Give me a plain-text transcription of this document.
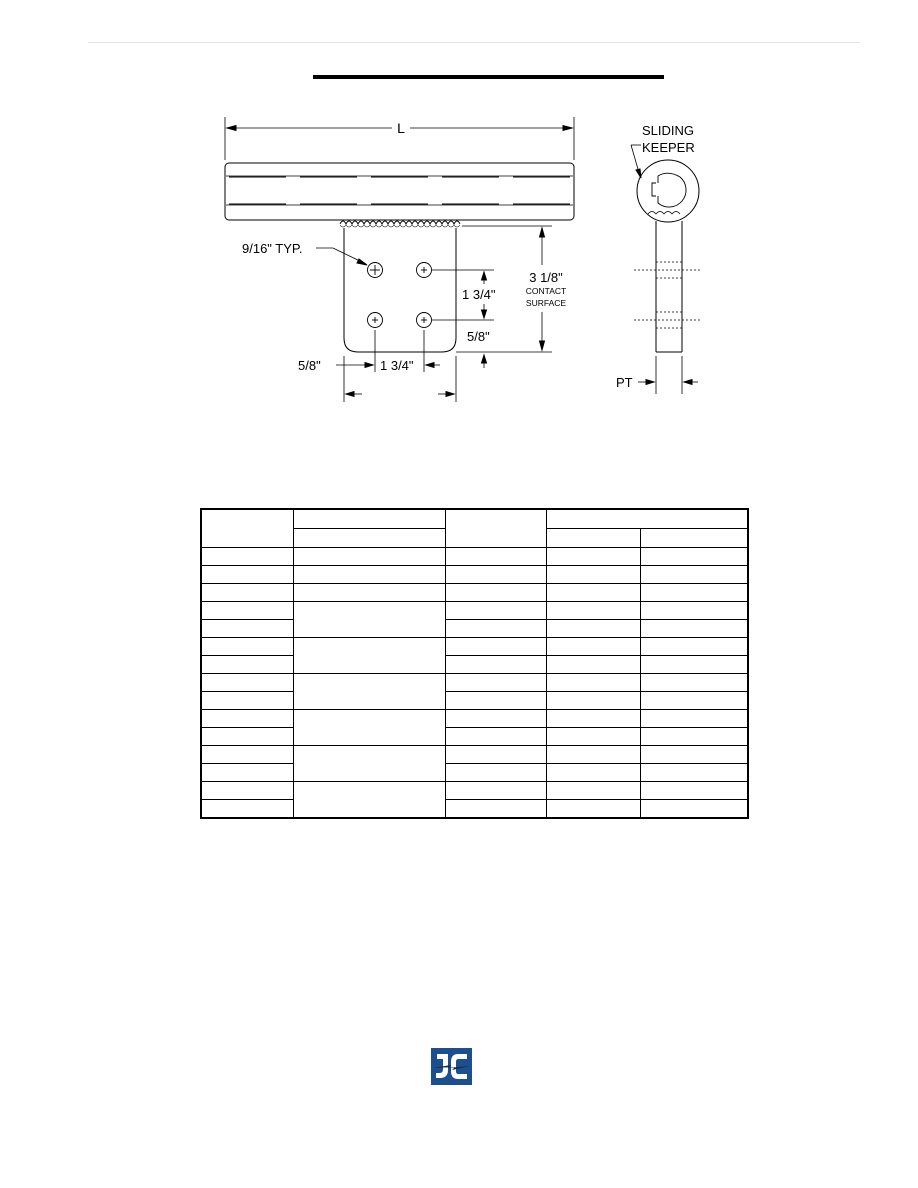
L	SLIDING
KEEPER
9/16" TYP.
3 1/8"
CONTACT
SURFACE
1 3/4"
5/8"
5/8"	1 3/4"
PT
